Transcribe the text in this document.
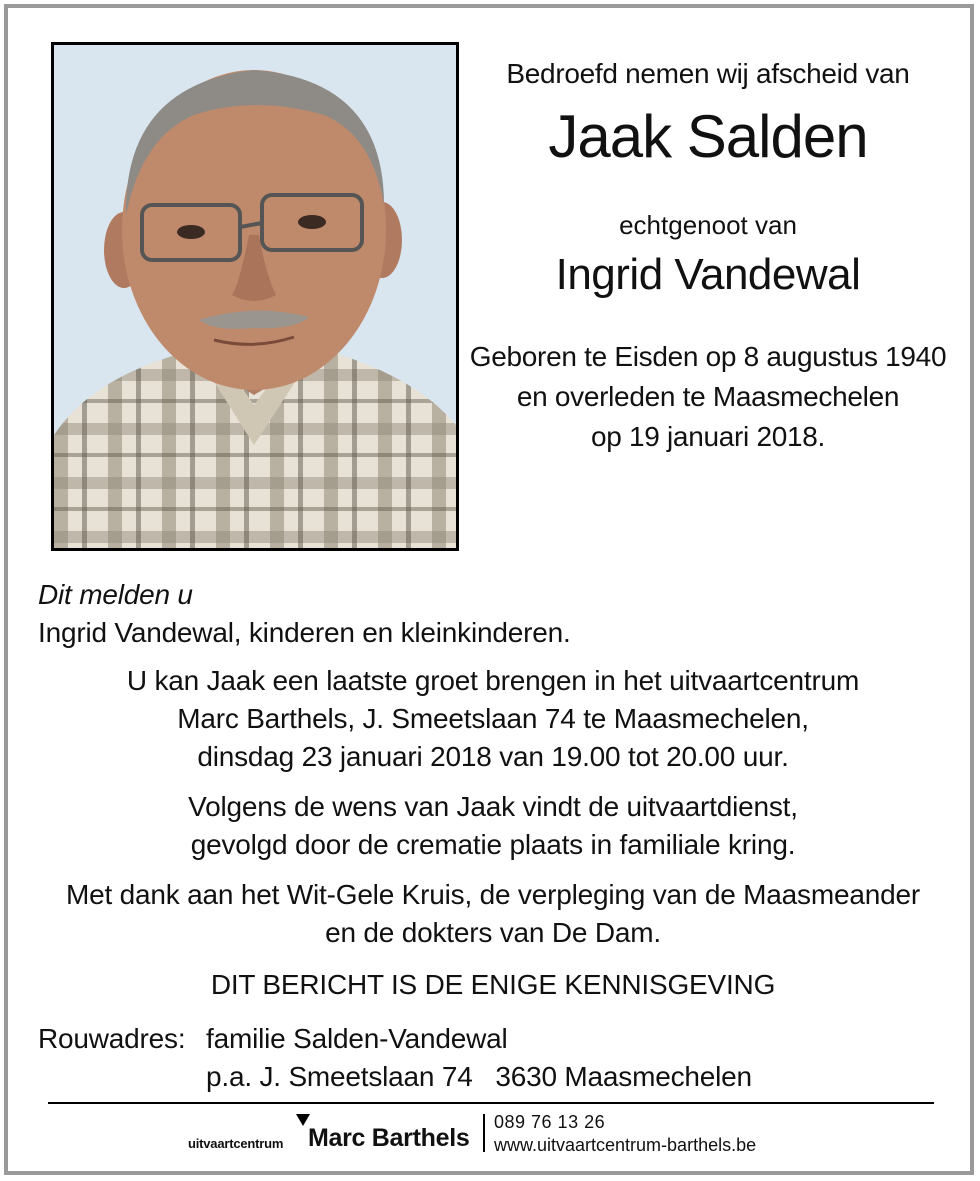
Bedroefd nemen wij afscheid van
Jaak Salden
echtgenoot van
Ingrid Vandewal
Geboren te Eisden op 8 augustus 1940
en overleden te Maasmechelen
op 19 januari 2018.
Dit melden u
Ingrid Vandewal, kinderen en kleinkinderen.
U kan Jaak een laatste groet brengen in het uitvaartcentrum
Marc Barthels, J. Smeetslaan 74 te Maasmechelen,
dinsdag 23 januari 2018 van 19.00 tot 20.00 uur.
Volgens de wens van Jaak vindt de uitvaartdienst,
gevolgd door de crematie plaats in familiale kring.
Met dank aan het Wit-Gele Kruis, de verpleging van de Maasmeander
en de dokters van De Dam.
DIT BERICHT IS DE ENIGE KENNISGEVING
Rouwadres: familie Salden-Vandewal
p.a. J. Smeetslaan 74   3630 Maasmechelen
uitvaartcentrum Marc Barthels
089 76 13 26
www.uitvaartcentrum-barthels.be
